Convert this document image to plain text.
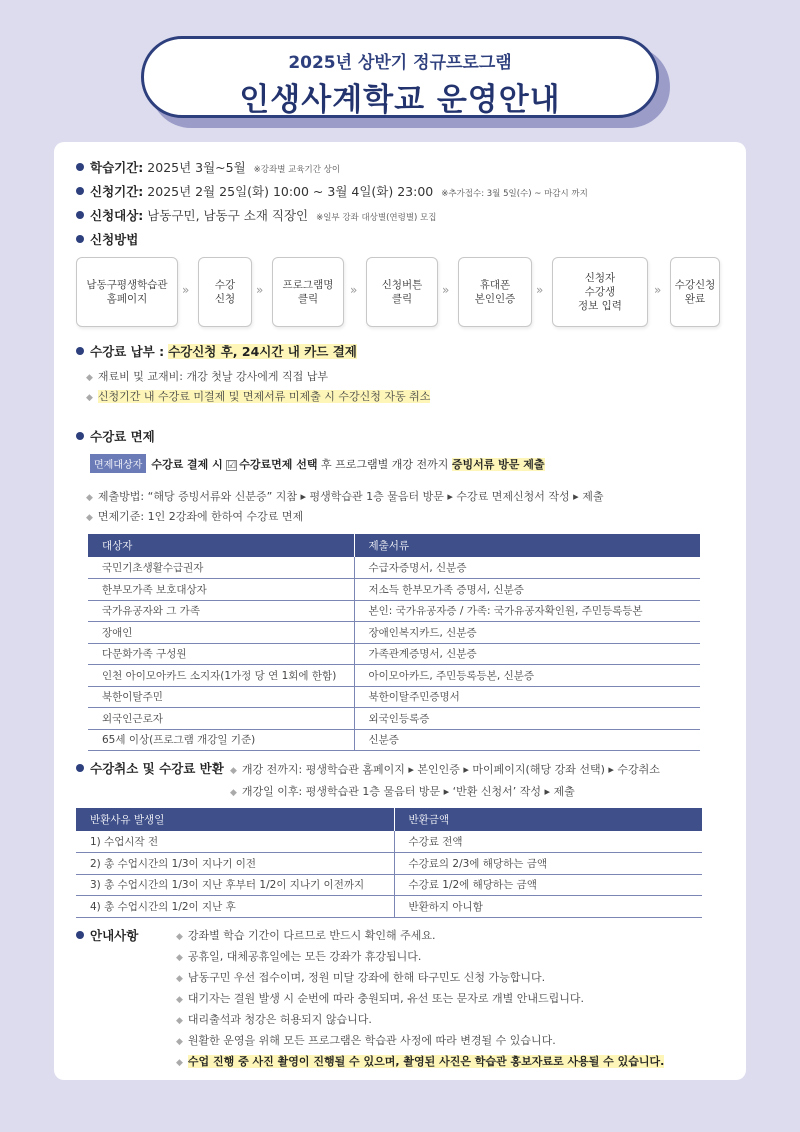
2025년 상반기 정규프로그램
인생사계학교 운영안내
학습기간: 2025년 3월~5월 ※강좌별 교육기간 상이
신청기간: 2025년 2월 25일(화) 10:00 ~ 3월 4일(화) 23:00 ※추가접수: 3월 5일(수) ~ 마감시 까지
신청대상: 남동구민, 남동구 소재 직장인 ※일부 강좌 대상별(연령별) 모집
신청방법
남동구평생학습관
홈페이지
»	수강
신청
»	프로그램명
클릭
»	신청버튼
클릭
»	휴대폰
본인인증
»
신청자
수강생
정보 입력
»	수강신청
완료
수강료 납부 : 수강신청 후, 24시간 내 카드 결제
◆ 재료비 및 교재비: 개강 첫날 강사에게 직접 납부
◆ 신청기간 내 수강료 미결제 및 면제서류 미제출 시 수강신청 자동 취소
수강료 면제
면제대상자 수강료 결제 시 ☑ 수강료면제 선택 후 프로그램별 개강 전까지 증빙서류 방문 제출
◆ 제출방법: “해당 증빙서류와 신분증” 지참 ▸ 평생학습관 1층 물음터 방문 ▸ 수강료 면제신청서 작성 ▸ 제출
◆ 면제기준: 1인 2강좌에 한하여 수강료 면제
대상자	제출서류
국민기초생활수급권자	수급자증명서, 신분증
한부모가족 보호대상자	저소득 한부모가족 증명서, 신분증
국가유공자와 그 가족	본인: 국가유공자증 / 가족: 국가유공자확인원, 주민등록등본
장애인	장애인복지카드, 신분증
다문화가족 구성원	가족관계증명서, 신분증
인천 아이모아카드 소지자(1가정 당 연 1회에 한함)	아이모아카드, 주민등록등본, 신분증
북한이탈주민	북한이탈주민증명서
외국인근로자	외국인등록증
65세 이상(프로그램 개강일 기준)	신분증
수강취소 및 수강료 반환 ◆ 개강 전까지: 평생학습관 홈페이지 ▸ 본인인증 ▸ 마이페이지(해당 강좌 선택) ▸ 수강취소
◆ 개강일 이후: 평생학습관 1층 물음터 방문 ▸ ‘반환 신청서’ 작성 ▸ 제출
반환사유 발생일	반환금액
1) 수업시작 전	수강료 전액
2) 총 수업시간의 1/3이 지나기 이전	수강료의 2/3에 해당하는 금액
3) 총 수업시간의 1/3이 지난 후부터 1/2이 지나기 이전까지	수강료 1/2에 해당하는 금액
4) 총 수업시간의 1/2이 지난 후	반환하지 아니함
안내사항	◆ 강좌별 학습 기간이 다르므로 반드시 확인해 주세요.
◆ 공휴일, 대체공휴일에는 모든 강좌가 휴강됩니다.
◆ 남동구민 우선 접수이며, 정원 미달 강좌에 한해 타구민도 신청 가능합니다.
◆ 대기자는 결원 발생 시 순번에 따라 충원되며, 유선 또는 문자로 개별 안내드립니다.
◆ 대리출석과 청강은 허용되지 않습니다.
◆ 원활한 운영을 위해 모든 프로그램은 학습관 사정에 따라 변경될 수 있습니다.
◆ 수업 진행 중 사진 촬영이 진행될 수 있으며, 촬영된 사진은 학습관 홍보자료로 사용될 수 있습니다.
